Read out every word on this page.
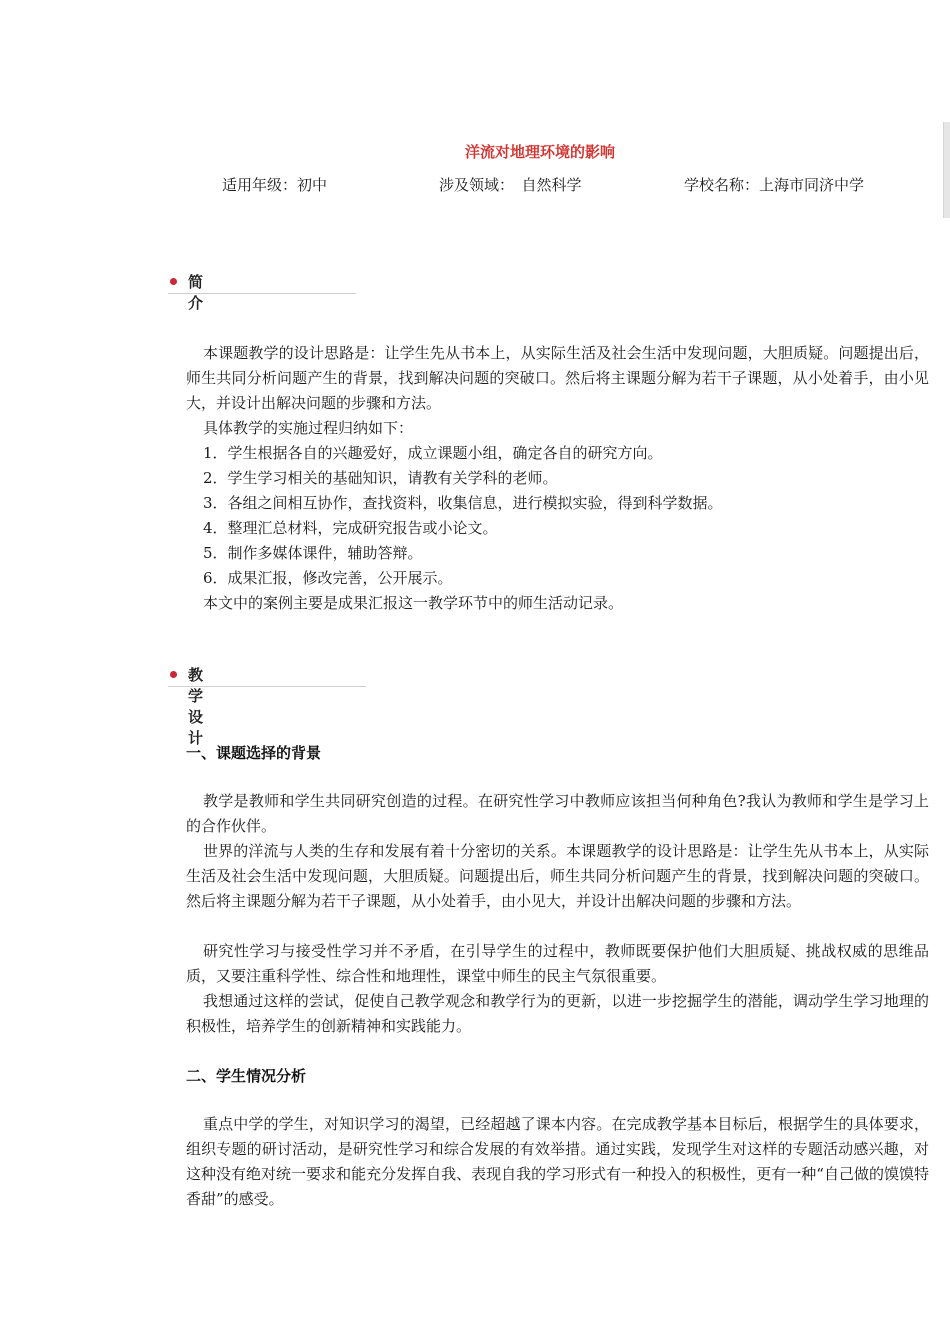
洋流对地理环境的影响
适用年级：初中	涉及领域：　自然科学	学校名称：上海市同济中学
简介
本课题教学的设计思路是：让学生先从书本上，从实际生活及社会生活中发现问题，大胆质疑。问题提出后，师生共同分析问题产生的背景，找到解决问题的突破口。然后将主课题分解为若干子课题，从小处着手，由小见大，并设计出解决问题的步骤和方法。
具体教学的实施过程归纳如下：
1．学生根据各自的兴趣爱好，成立课题小组，确定各自的研究方向。
2．学生学习相关的基础知识，请教有关学科的老师。
3．各组之间相互协作，查找资料，收集信息，进行模拟实验，得到科学数据。
4．整理汇总材料，完成研究报告或小论文。
5．制作多媒体课件，辅助答辩。
6．成果汇报，修改完善，公开展示。
本文中的案例主要是成果汇报这一教学环节中的师生活动记录。
教学设计
一、课题选择的背景
教学是教师和学生共同研究创造的过程。在研究性学习中教师应该担当何种角色?我认为教师和学生是学习上的合作伙伴。
世界的洋流与人类的生存和发展有着十分密切的关系。本课题教学的设计思路是：让学生先从书本上，从实际生活及社会生活中发现问题，大胆质疑。问题提出后，师生共同分析问题产生的背景，找到解决问题的突破口。然后将主课题分解为若干子课题，从小处着手，由小见大，并设计出解决问题的步骤和方法。
研究性学习与接受性学习并不矛盾，在引导学生的过程中，教师既要保护他们大胆质疑、挑战权威的思维品质，又要注重科学性、综合性和地理性，课堂中师生的民主气氛很重要。
我想通过这样的尝试，促使自己教学观念和教学行为的更新，以进一步挖掘学生的潜能，调动学生学习地理的积极性，培养学生的创新精神和实践能力。
二、学生情况分析
重点中学的学生，对知识学习的渴望，已经超越了课本内容。在完成教学基本目标后，根据学生的具体要求，组织专题的研讨活动，是研究性学习和综合发展的有效举措。通过实践，发现学生对这样的专题活动感兴趣，对这种没有绝对统一要求和能充分发挥自我、表现自我的学习形式有一种投入的积极性，更有一种“自己做的馍馍特香甜”的感受。
